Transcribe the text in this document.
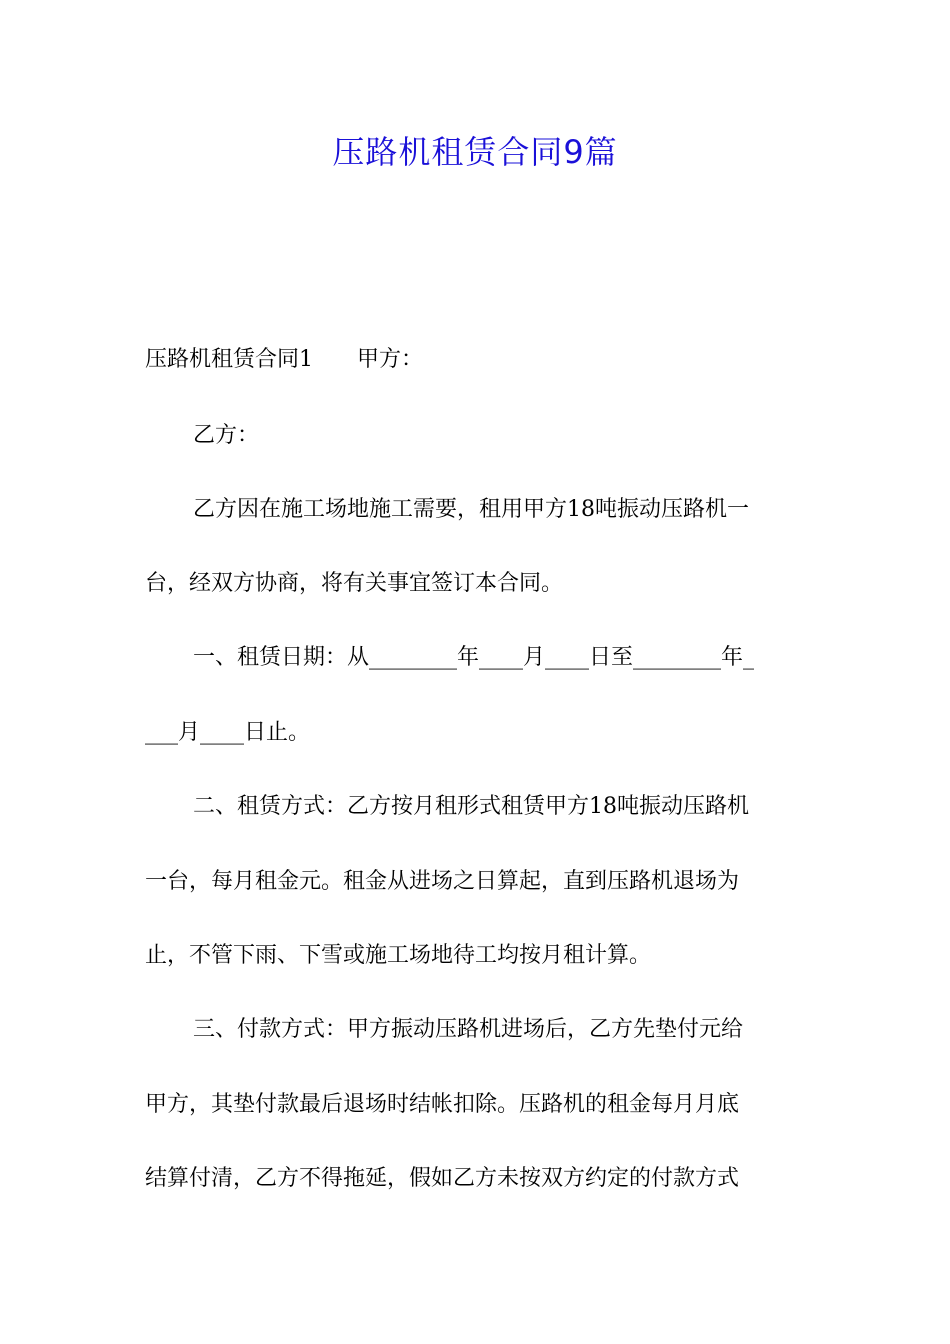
压路机租赁合同9篇

压路机租赁合同1　　甲方：

乙方：

乙方因在施工场地施工需要，租用甲方18吨振动压路机一

台，经双方协商，将有关事宜签订本合同。

一、租赁日期：从________年____月____日至________年_

___月____日止。

二、租赁方式：乙方按月租形式租赁甲方18吨振动压路机

一台，每月租金元。租金从进场之日算起，直到压路机退场为

止，不管下雨、下雪或施工场地待工均按月租计算。

三、付款方式：甲方振动压路机进场后，乙方先垫付元给

甲方，其垫付款最后退场时结帐扣除。压路机的租金每月月底

结算付清，乙方不得拖延，假如乙方未按双方约定的付款方式
